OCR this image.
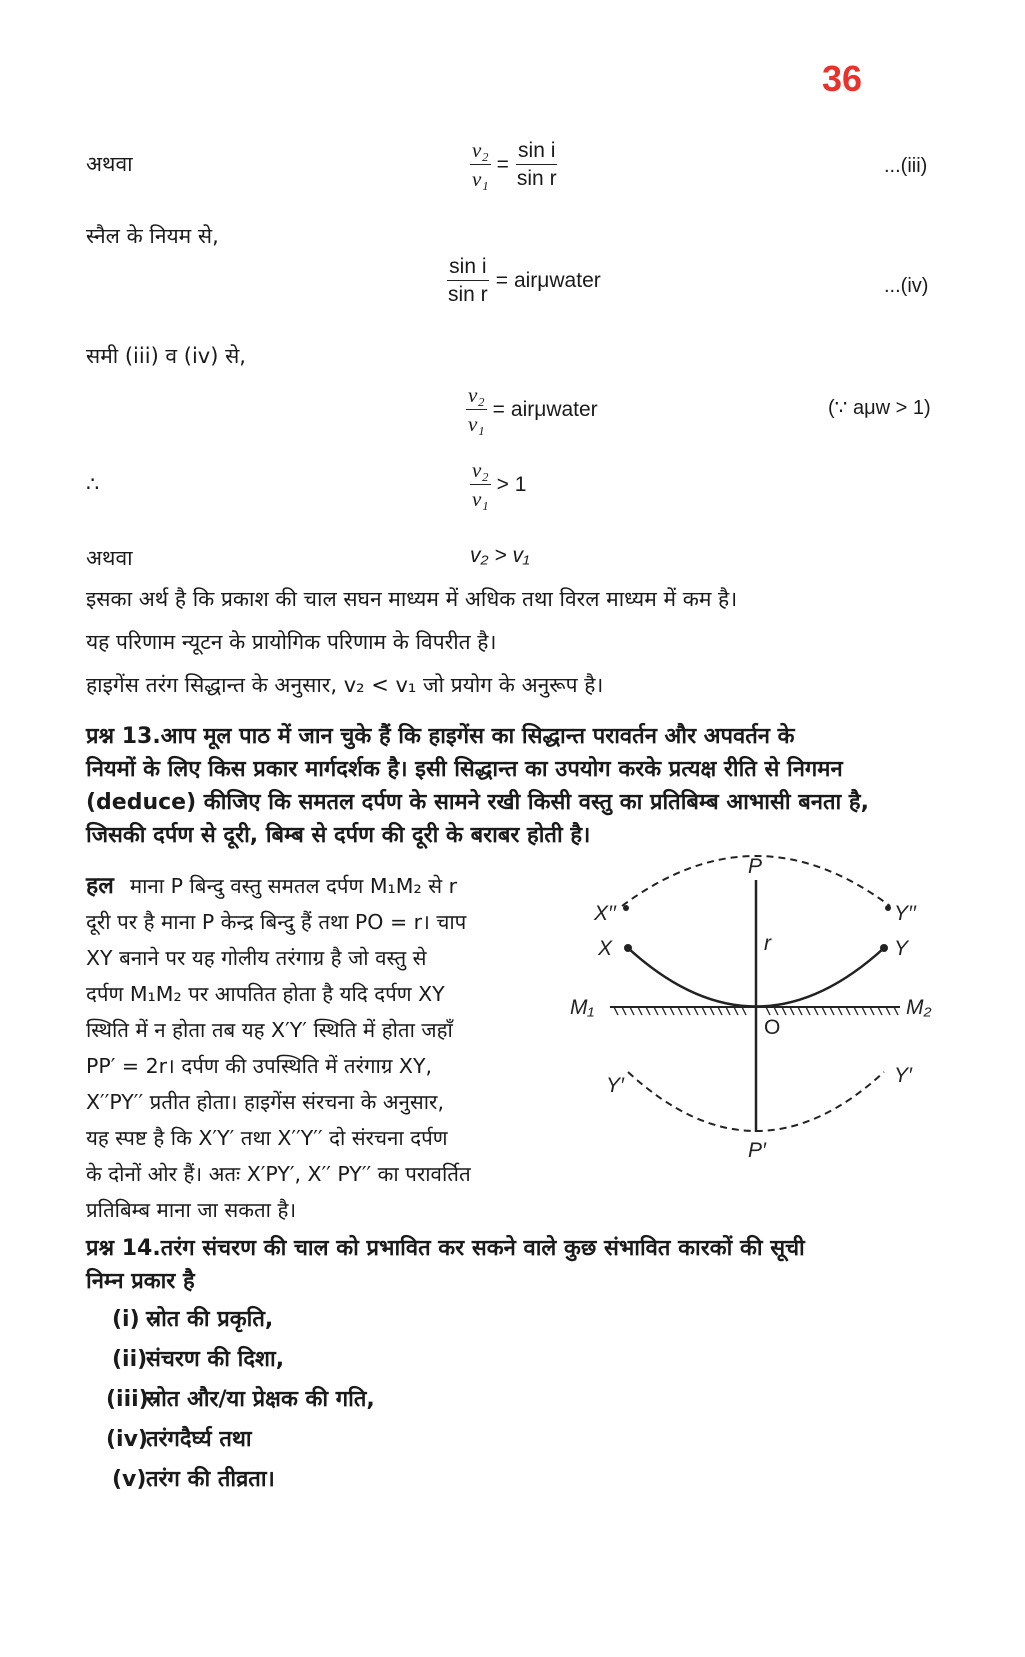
36
अथवा	$\frac{\text{v₂}}{\text{v₁}} = \frac{\text{sin i}}{\text{sin r}}$	...(iii)
स्नैल के नियम से,
$\frac{\text{sin i}}{\text{sin r}}$ = airμwater	...(iv)
समी (iii) व (iv) से,
$\frac{\text{v₂}}{\text{v₁}}$ = airμwater	(∵ aμw > 1)
∴	$\frac{\text{v₂}}{\text{v₁}} > 1$
अथवा	v₂ > v₁
इसका अर्थ है कि प्रकाश की चाल सघन माध्यम में अधिक तथा विरल माध्यम में कम है।
यह परिणाम न्यूटन के प्रायोगिक परिणाम के विपरीत है।
हाइगेंस तरंग सिद्धान्त के अनुसार, v₂ < v₁ जो प्रयोग के अनुरूप है।
प्रश्न 13.आप मूल पाठ में जान चुके हैं कि हाइगेंस का सिद्धान्त परावर्तन और अपवर्तन के
नियमों के लिए किस प्रकार मार्गदर्शक है। इसी सिद्धान्त का उपयोग करके प्रत्यक्ष रीति से निगमन
(deduce) कीजिए कि समतल दर्पण के सामने रखी किसी वस्तु का प्रतिबिम्ब आभासी बनता है,
जिसकी दर्पण से दूरी, बिम्ब से दर्पण की दूरी के बराबर होती है।
हल माना P बिन्दु वस्तु समतल दर्पण M₁M₂ से r
दूरी पर है माना P केन्द्र बिन्दु हैं तथा PO = r। चाप
XY बनाने पर यह गोलीय तरंगाग्र है जो वस्तु से
दर्पण M₁M₂ पर आपतित होता है यदि दर्पण XY
स्थिति में न होता तब यह X′Y′ स्थिति में होता जहाँ
PP′ = 2r। दर्पण की उपस्थिति में तरंगाग्र XY,
X′′PY′′ प्रतीत होता। हाइगेंस संरचना के अनुसार,
यह स्पष्ट है कि X′Y′ तथा X′′Y′′ दो संरचना दर्पण
के दोनों ओर हैं। अतः X′PY′, X′′ PY′′ का परावर्तित
प्रतिबिम्ब माना जा सकता है।
P
P′
O
r
X	Y
X′′	Y′′
Y′	Y′
M₁	M₂
प्रश्न 14.तरंग संचरण की चाल को प्रभावित कर सकने वाले कुछ संभावित कारकों की सूची
निम्न प्रकार है
(i) स्रोत की प्रकृति,
(ii)संचरण की दिशा,
(iii)स्रोत और/या प्रेक्षक की गति,
(iv)तरंगदैर्घ्य तथा
(v)तरंग की तीव्रता।
